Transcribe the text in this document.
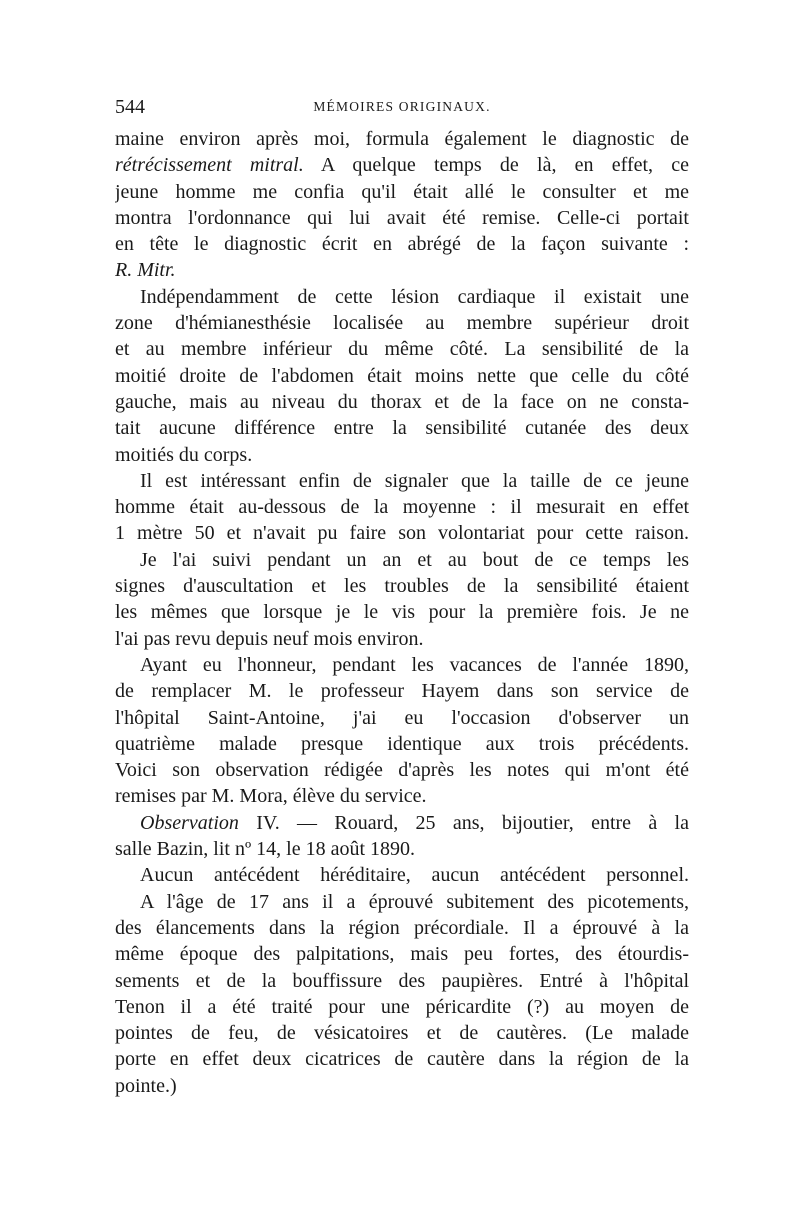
544	MÉMOIRES ORIGINAUX.
maine environ après moi, formula également le diagnostic de
rétrécissement mitral. A quelque temps de là, en effet, ce
jeune homme me confia qu'il était allé le consulter et me
montra l'ordonnance qui lui avait été remise. Celle-ci portait
en tête le diagnostic écrit en abrégé de la façon suivante :
R. Mitr.
Indépendamment de cette lésion cardiaque il existait une
zone d'hémianesthésie localisée au membre supérieur droit
et au membre inférieur du même côté. La sensibilité de la
moitié droite de l'abdomen était moins nette que celle du côté
gauche, mais au niveau du thorax et de la face on ne consta-
tait aucune différence entre la sensibilité cutanée des deux
moitiés du corps.
Il est intéressant enfin de signaler que la taille de ce jeune
homme était au-dessous de la moyenne : il mesurait en effet
1 mètre 50 et n'avait pu faire son volontariat pour cette raison.
Je l'ai suivi pendant un an et au bout de ce temps les
signes d'auscultation et les troubles de la sensibilité étaient
les mêmes que lorsque je le vis pour la première fois. Je ne
l'ai pas revu depuis neuf mois environ.
Ayant eu l'honneur, pendant les vacances de l'année 1890,
de remplacer M. le professeur Hayem dans son service de
l'hôpital Saint-Antoine, j'ai eu l'occasion d'observer un
quatrième malade presque identique aux trois précédents.
Voici son observation rédigée d'après les notes qui m'ont été
remises par M. Mora, élève du service.
Observation IV. — Rouard, 25 ans, bijoutier, entre à la
salle Bazin, lit nº 14, le 18 août 1890.
Aucun antécédent héréditaire, aucun antécédent personnel.
A l'âge de 17 ans il a éprouvé subitement des picotements,
des élancements dans la région précordiale. Il a éprouvé à la
même époque des palpitations, mais peu fortes, des étourdis-
sements et de la bouffissure des paupières. Entré à l'hôpital
Tenon il a été traité pour une péricardite (?) au moyen de
pointes de feu, de vésicatoires et de cautères. (Le malade
porte en effet deux cicatrices de cautère dans la région de la
pointe.)
